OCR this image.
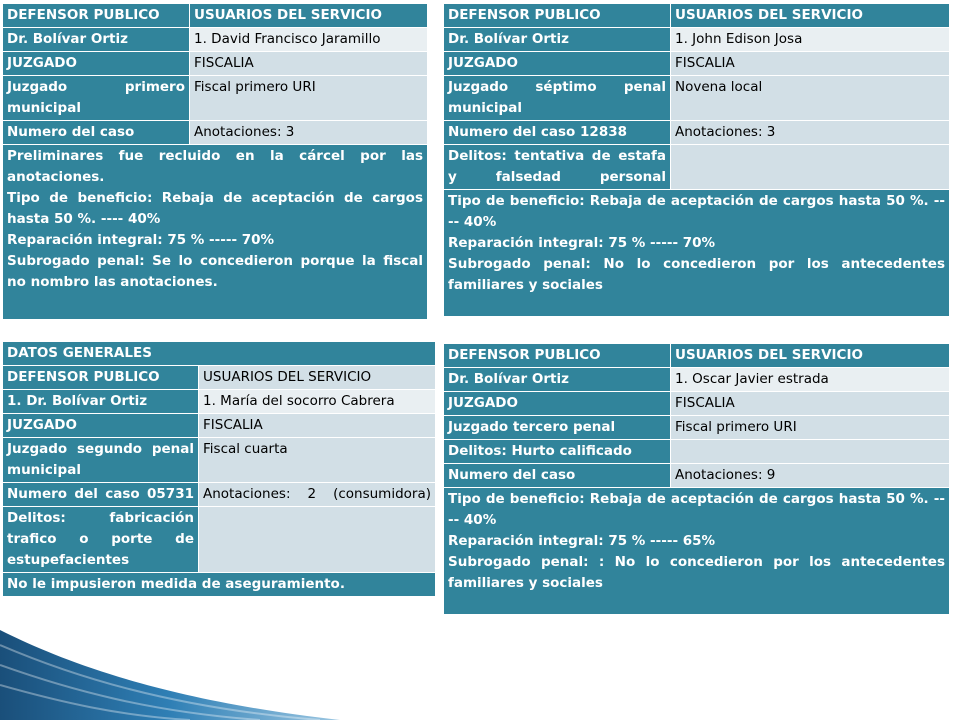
DEFENSOR PUBLICO	USUARIOS DEL SERVICIO
Dr. Bolívar Ortiz	1. David Francisco Jaramillo
JUZGADO	FISCALIA
Juzgado primero municipal	Fiscal primero URI
Numero del caso	Anotaciones: 3

Preliminares fue recluido en la cárcel por las anotaciones.

Tipo de beneficio: Rebaja de aceptación de cargos hasta 50 %. ---- 40%

Reparación integral: 75 % ----- 70%

Subrogado penal: Se lo concedieron porque la fiscal no nombro las anotaciones.	

DEFENSOR PUBLICO	USUARIOS DEL SERVICIO
Dr. Bolívar Ortiz	1. John Edison Josa
JUZGADO	FISCALIA
Juzgado séptimo penal municipal	Novena local
Numero del caso 12838	Anotaciones: 3
Delitos: tentativa de estafa y falsedad personal	

Tipo de beneficio: Rebaja de aceptación de cargos hasta 50 %. ---- 40%

Reparación integral: 75 % ----- 70%

Subrogado penal: No lo concedieron por los antecedentes familiares y sociales	

DATOS GENERALES	
DEFENSOR PUBLICO	USUARIOS DEL SERVICIO
1. Dr. Bolívar Ortiz	1. María del socorro Cabrera
JUZGADO	FISCALIA
Juzgado segundo penal municipal	Fiscal cuarta
Numero del caso 05731	Anotaciones: 2 (consumidora)
Delitos: fabricación trafico o porte de estupefacientes	
No le impusieron medida de aseguramiento.	
DEFENSOR PUBLICO	USUARIOS DEL SERVICIO
Dr. Bolívar Ortiz	1. Oscar Javier estrada
JUZGADO	FISCALIA
Juzgado tercero penal	Fiscal primero URI
Delitos: Hurto calificado	
Numero del caso	Anotaciones: 9

Tipo de beneficio: Rebaja de aceptación de cargos hasta 50 %. ---- 40%

Reparación integral: 75 % ----- 65%

Subrogado penal: : No lo concedieron por los antecedentes familiares y sociales	
